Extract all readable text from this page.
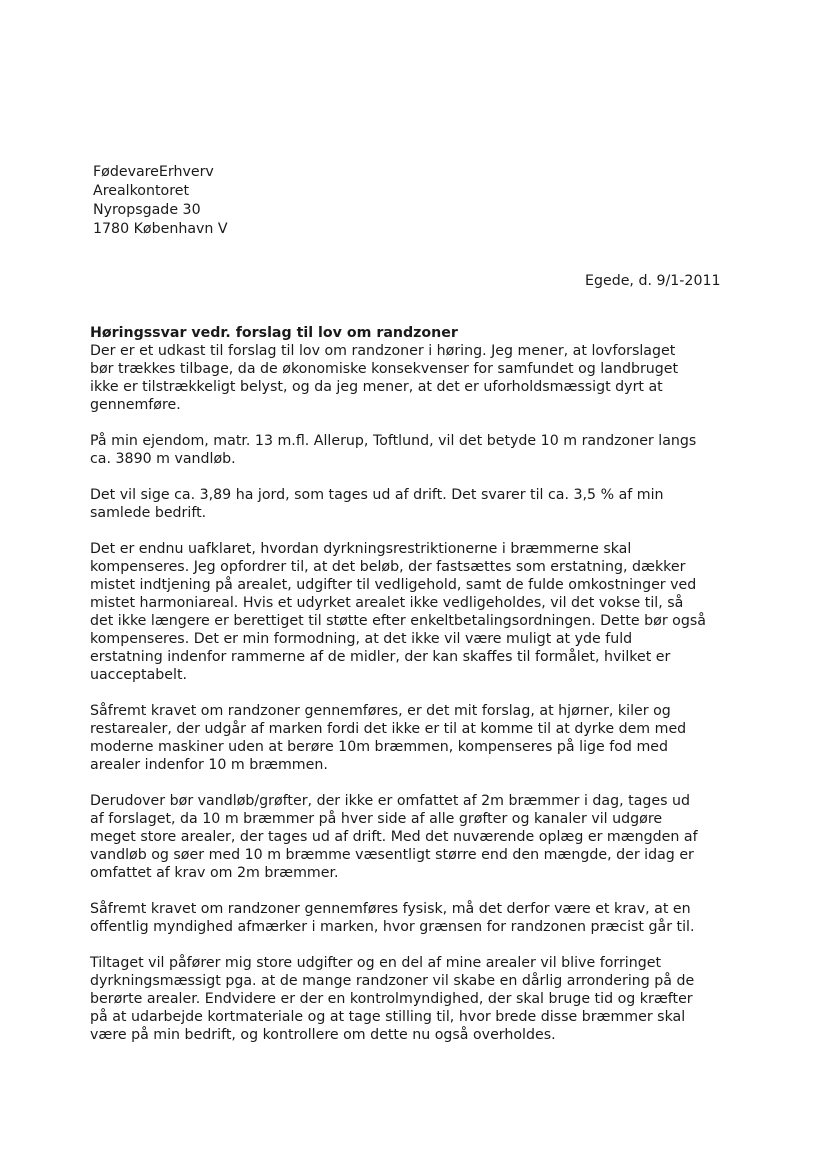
FødevareErhverv
Arealkontoret
Nyropsgade 30
1780 København V
Egede, d. 9/1-2011
Høringssvar vedr. forslag til lov om randzoner
Der er et udkast til forslag til lov om randzoner i høring. Jeg mener, at lovforslaget
bør trækkes tilbage, da de økonomiske konsekvenser for samfundet og landbruget
ikke er tilstrækkeligt belyst, og da jeg mener, at det er uforholdsmæssigt dyrt at
gennemføre.
På min ejendom, matr. 13 m.fl. Allerup, Toftlund, vil det betyde 10 m randzoner langs
ca. 3890 m vandløb.
Det vil sige ca. 3,89 ha jord, som tages ud af drift. Det svarer til ca. 3,5 % af min
samlede bedrift.
Det er endnu uafklaret, hvordan dyrkningsrestriktionerne i bræmmerne skal
kompenseres. Jeg opfordrer til, at det beløb, der fastsættes som erstatning, dækker
mistet indtjening på arealet, udgifter til vedligehold, samt de fulde omkostninger ved
mistet harmoniareal. Hvis et udyrket arealet ikke vedligeholdes, vil det vokse til, så
det ikke længere er berettiget til støtte efter enkeltbetalingsordningen. Dette bør også
kompenseres. Det er min formodning, at det ikke vil være muligt at yde fuld
erstatning indenfor rammerne af de midler, der kan skaffes til formålet, hvilket er
uacceptabelt.
Såfremt kravet om randzoner gennemføres, er det mit forslag, at hjørner, kiler og
restarealer, der udgår af marken fordi det ikke er til at komme til at dyrke dem med
moderne maskiner uden at berøre 10m bræmmen, kompenseres på lige fod med
arealer indenfor 10 m bræmmen.
Derudover bør vandløb/grøfter, der ikke er omfattet af 2m bræmmer i dag, tages ud
af forslaget, da 10 m bræmmer på hver side af alle grøfter og kanaler vil udgøre
meget store arealer, der tages ud af drift. Med det nuværende oplæg er mængden af
vandløb og søer med 10 m bræmme væsentligt større end den mængde, der idag er
omfattet af krav om 2m bræmmer.
Såfremt kravet om randzoner gennemføres fysisk, må det derfor være et krav, at en
offentlig myndighed afmærker i marken, hvor grænsen for randzonen præcist går til.
Tiltaget vil påfører mig store udgifter og en del af mine arealer vil blive forringet
dyrkningsmæssigt pga. at de mange randzoner vil skabe en dårlig arrondering på de
berørte arealer. Endvidere er der en kontrolmyndighed, der skal bruge tid og kræfter
på at udarbejde kortmateriale og at tage stilling til, hvor brede disse bræmmer skal
være på min bedrift, og kontrollere om dette nu også overholdes.
